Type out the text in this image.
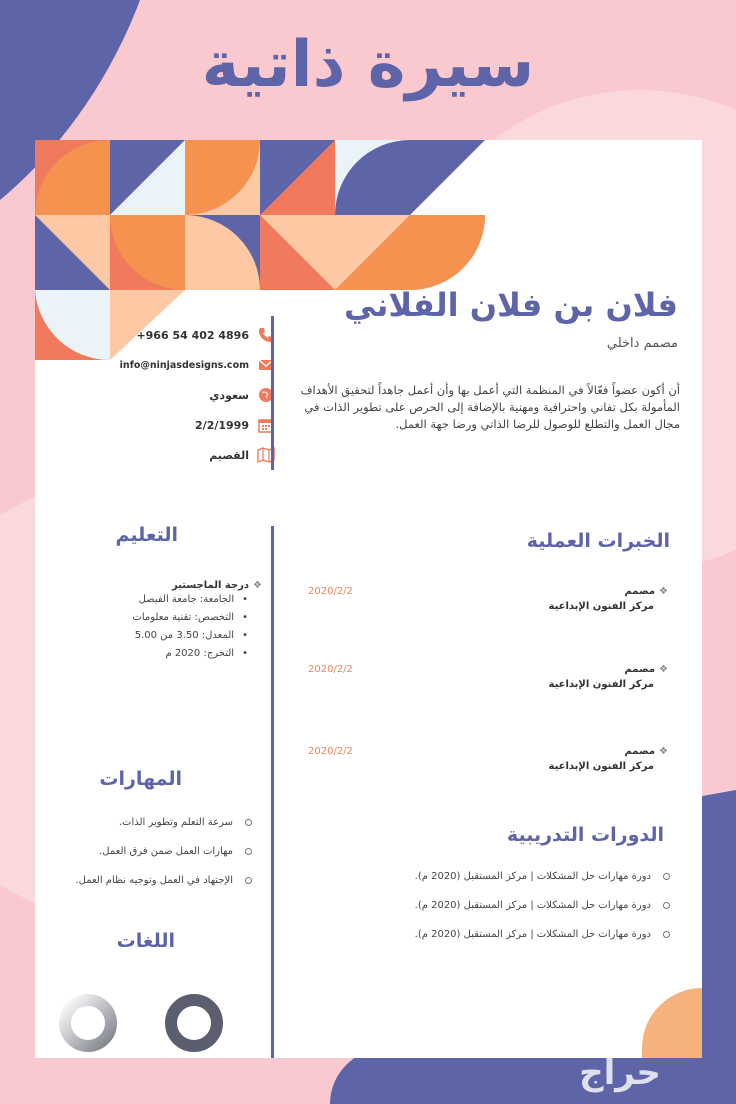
سيرة ذاتية
فلان بن فلان الفلاني
مصمم داخلي
أن أكون عضواً فعّالاً في المنظمة التي أعمل بها وأن أعمل جاهداً لتحقيق الأهداف المأمولة بكل تفاني واحترافية ومهنية بالإضافة إلى الحرص على تطوير الذات في مجال العمل والتطلع للوصول للرضا الذاتي ورضا جهة العمل.
+966 54 402 4896
info@ninjasdesigns.com
سعودي
2/2/1999
القصيم
الخبرات العملية
2020/2/2	❖مصمم
مركز الفنون الإبداعية
2020/2/2	❖مصمم
مركز الفنون الإبداعية
2020/2/2	❖مصمم
مركز الفنون الإبداعية
الدورات التدريبية
دورة مهارات حل المشكلات | مركز المستقبل (2020 م).
دورة مهارات حل المشكلات | مركز المستقبل (2020 م).
دورة مهارات حل المشكلات | مركز المستقبل (2020 م).
التعليم
❖درجة الماجستير
•الجامعة: جامعة الفيصل
•التخصص: تقنية معلومات
•المعدل: 3.50 من 5.00
•التخرج: 2020 م
المهارات
سرعة التعلم وتطوير الذات.
مهارات العمل ضمن فرق العمل.
الإجتهاد في العمل وتوجيه نظام العمل.
اللغات
حراج
